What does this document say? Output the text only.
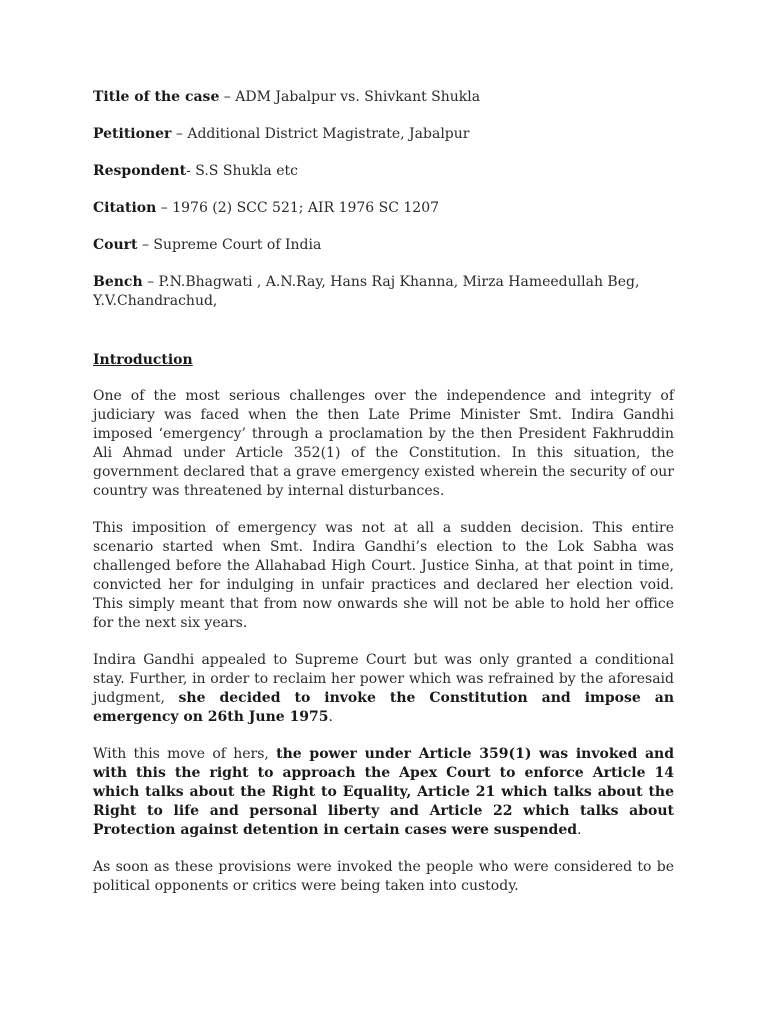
Title of the case – ADM Jabalpur vs. Shivkant Shukla
Petitioner – Additional District Magistrate, Jabalpur
Respondent- S.S Shukla etc
Citation – 1976 (2) SCC 521; AIR 1976 SC 1207
Court – Supreme Court of India
Bench – P.N.Bhagwati , A.N.Ray, Hans Raj Khanna, Mirza Hameedullah Beg, Y.V.Chandrachud,
Introduction

One of the most serious challenges over the independence and integrity of judiciary was faced when the then Late Prime Minister Smt. Indira Gandhi imposed ‘emergency’ through a proclamation by the then President Fakhruddin Ali Ahmad under Article 352(1) of the Constitution. In this situation, the government declared that a grave emergency existed wherein the security of our country was threatened by internal disturbances.

This imposition of emergency was not at all a sudden decision. This entire scenario started when Smt. Indira Gandhi’s election to the Lok Sabha was challenged before the Allahabad High Court. Justice Sinha, at that point in time, convicted her for indulging in unfair practices and declared her election void. This simply meant that from now onwards she will not be able to hold her office for the next six years.

Indira Gandhi appealed to Supreme Court but was only granted a conditional stay. Further, in order to reclaim her power which was refrained by the aforesaid judgment, she decided to invoke the Constitution and impose an emergency on 26th June 1975.

With this move of hers, the power under Article 359(1) was invoked and with this the right to approach the Apex Court to enforce Article 14 which talks about the Right to Equality, Article 21 which talks about the Right to life and personal liberty and Article 22 which talks about Protection against detention in certain cases were suspended.

As soon as these provisions were invoked the people who were considered to be political opponents or critics were being taken into custody.
